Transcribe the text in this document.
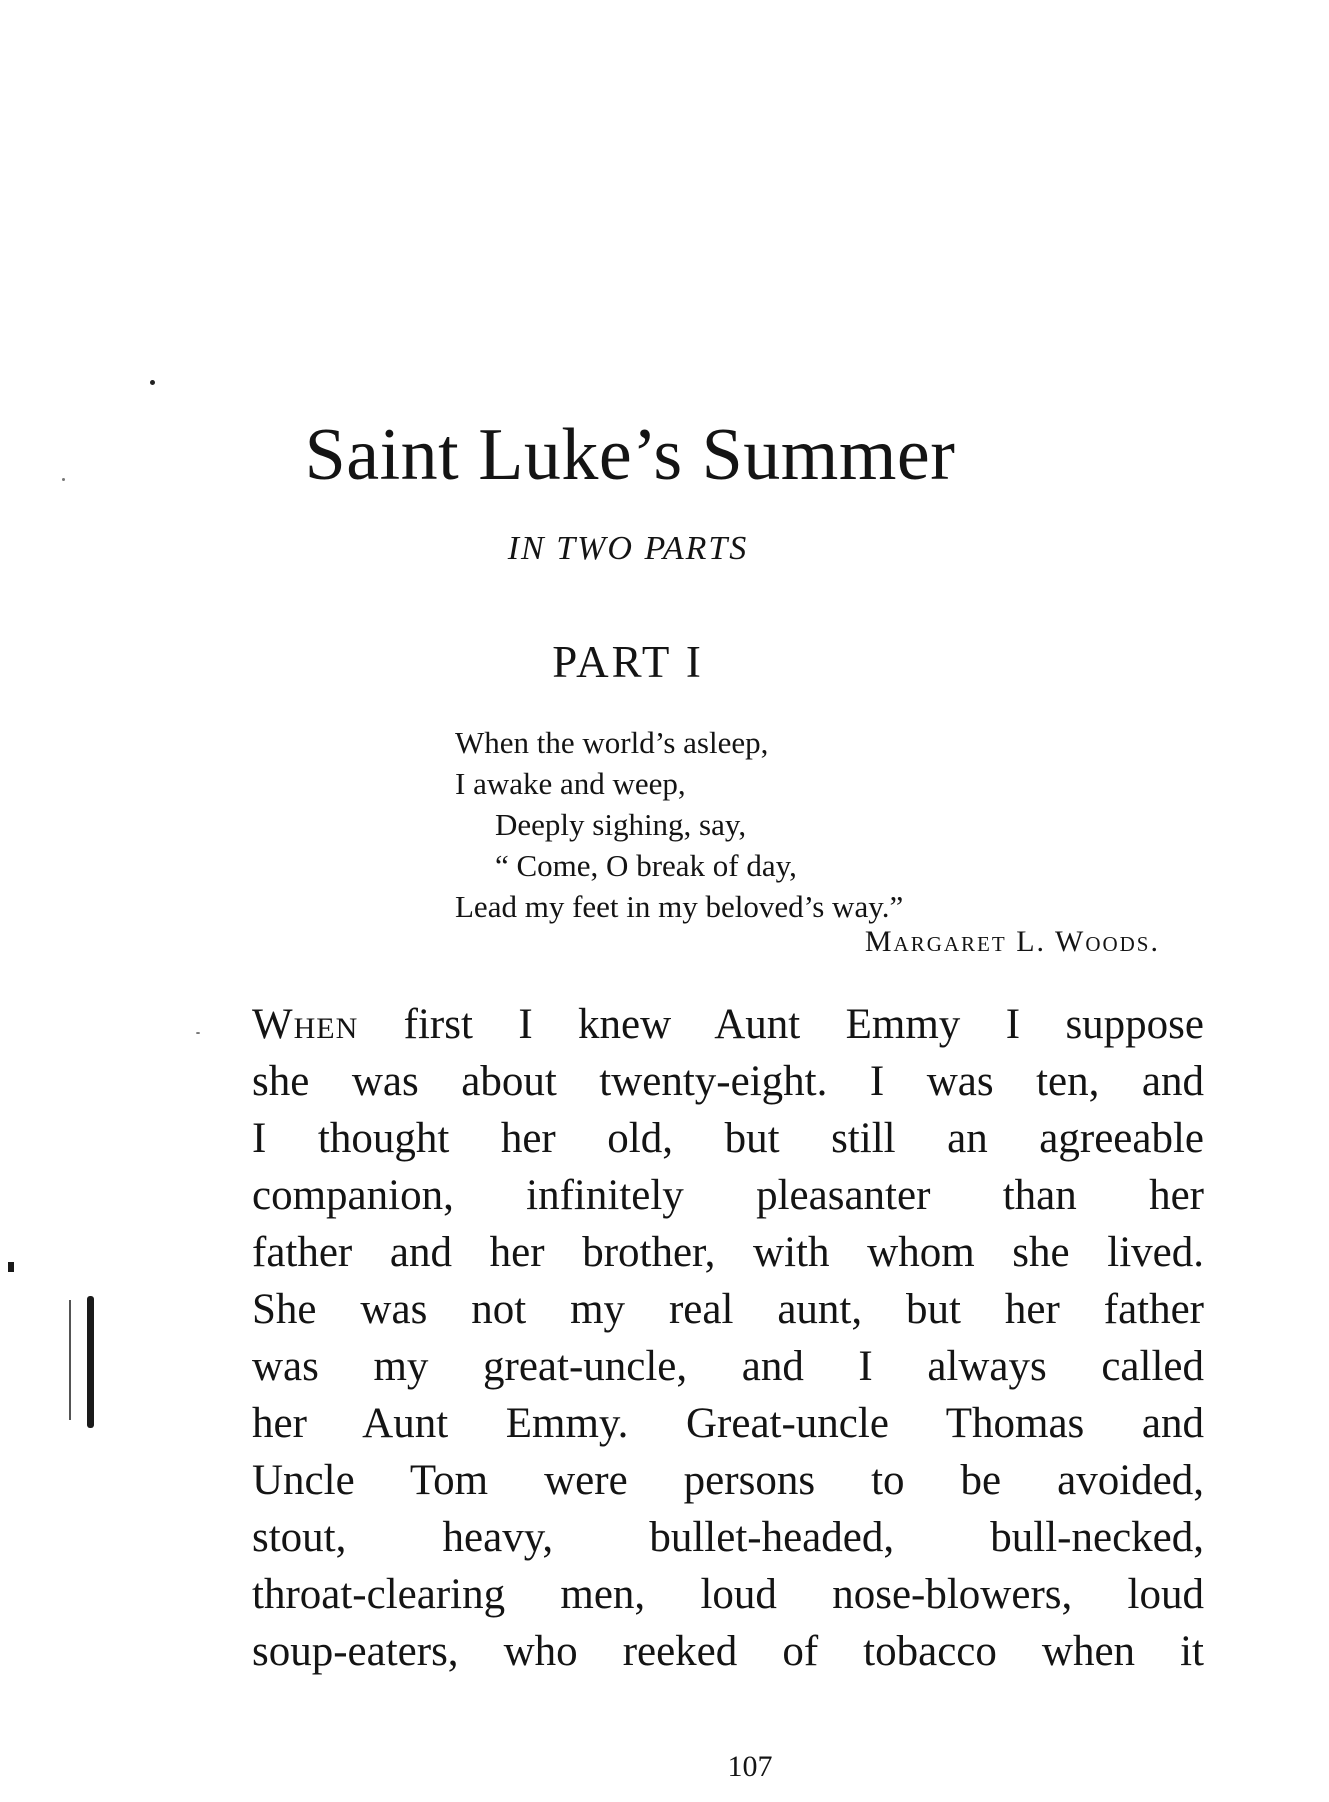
Saint Luke’s Summer
IN TWO PARTS
PART I
When the world’s asleep,
I awake and weep,
Deeply sighing, say,
“ Come, O break of day,
Lead my feet in my beloved’s way.”
Margaret L. Woods.
When first I knew Aunt Emmy I suppose
she was about twenty-eight. I was ten, and
I thought her old, but still an agreeable
companion, infinitely pleasanter than her
father and her brother, with whom she lived.
She was not my real aunt, but her father
was my great-uncle, and I always called
her Aunt Emmy. Great-uncle Thomas and
Uncle Tom were persons to be avoided,
stout, heavy, bullet-headed, bull-necked,
throat-clearing men, loud nose-blowers, loud
soup-eaters, who reeked of tobacco when it
107
